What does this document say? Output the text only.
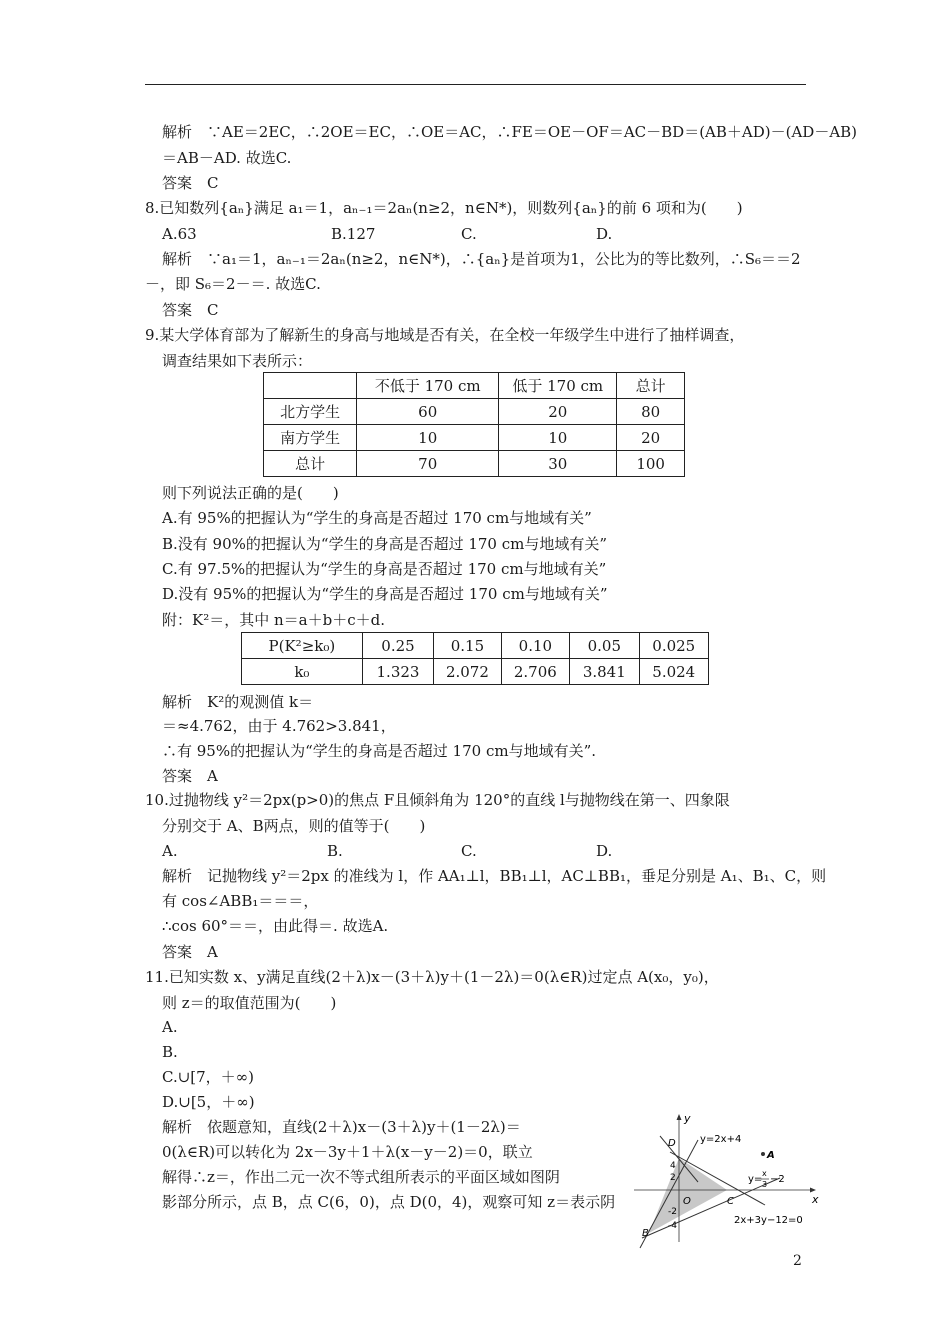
解析　∵AE＝2EC，∴2OE＝EC，∴OE＝AC，∴FE＝OE－OF＝AC－BD＝(AB＋AD)－(AD－AB)
＝AB－AD. 故选C.
答案　C
8.已知数列{aₙ}满足 a₁＝1，aₙ₋₁＝2aₙ(n≥2，n∈N*)，则数列{aₙ}的前 6 项和为(　　)
A.63	B.127	C.	D.
解析　∵a₁＝1，aₙ₋₁＝2aₙ(n≥2，n∈N*)，∴{aₙ}是首项为1，公比为的等比数列，∴S₆＝＝2
－，即 S₆＝2－＝. 故选C.
答案　C
9.某大学体育部为了解新生的身高与地域是否有关，在全校一年级学生中进行了抽样调查，
调查结果如下表所示：
	不低于 170 cm	低于 170 cm	总计
北方学生	60	20	80
南方学生	10	10	20
总计	70	30	100
则下列说法正确的是(　　)
A.有 95%的把握认为“学生的身高是否超过 170 cm与地域有关”
B.没有 90%的把握认为“学生的身高是否超过 170 cm与地域有关”
C.有 97.5%的把握认为“学生的身高是否超过 170 cm与地域有关”
D.没有 95%的把握认为“学生的身高是否超过 170 cm与地域有关”
附：K²＝，其中 n＝a＋b＋c＋d.
P(K²≥k₀)	0.25	0.15	0.10	0.05	0.025
k₀	1.323	2.072	2.706	3.841	5.024
解析　K²的观测值 k＝
＝≈4.762，由于 4.762>3.841，
∴有 95%的把握认为“学生的身高是否超过 170 cm与地域有关”.
答案　A
10.过抛物线 y²＝2px(p>0)的焦点 F且倾斜角为 120°的直线 l与抛物线在第一、四象限
分别交于 A、B两点，则的值等于(　　)
A.	B.	C.	D.
解析　记抛物线 y²＝2px 的准线为 l，作 AA₁⊥l，BB₁⊥l，AC⊥BB₁，垂足分别是 A₁、B₁、C，则
有 cos∠ABB₁＝＝＝，
∴cos 60°＝＝，由此得＝. 故选A.
答案　A
11.已知实数 x、y满足直线(2＋λ)x－(3＋λ)y＋(1－2λ)＝0(λ∈R)过定点 A(x₀，y₀)，
则 z＝的取值范围为(　　)
A.
B.
C.∪[7，＋∞)
D.∪[5，＋∞)
解析　依题意知，直线(2＋λ)x－(3＋λ)y＋(1－2λ)＝
0(λ∈R)可以转化为 2x－3y＋1＋λ(x－y－2)＝0，联立
解得∴z＝，作出二元一次不等式组所表示的平面区域如图阴
影部分所示，点 B，点 C(6，0)，点 D(0，4)，观察可知 z＝表示阴
y
x
D
A
O	C
B
4
2
-2
-4
y=2x+4
y=
x
3 −2
2x+3y−12=0
2
